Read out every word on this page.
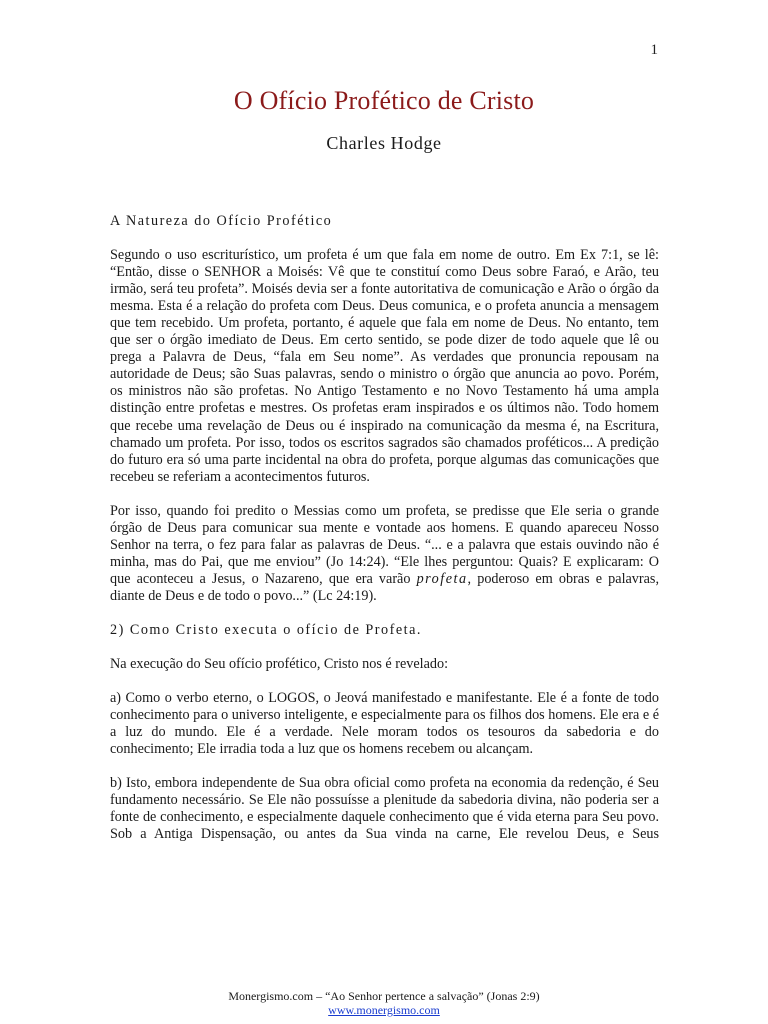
1
O Ofício Profético de Cristo
Charles Hodge

A Natureza do Ofício Profético

Segundo o uso escriturístico, um profeta é um que fala em nome de outro. Em Ex 7:1, se lê: “Então, disse o SENHOR a Moisés: Vê que te constituí como Deus sobre Faraó, e Arão, teu irmão, será teu profeta”. Moisés devia ser a fonte autoritativa de comunicação e Arão o órgão da mesma. Esta é a relação do profeta com Deus. Deus comunica, e o profeta anuncia a mensagem que tem recebido. Um profeta, portanto, é aquele que fala em nome de Deus. No entanto, tem que ser o órgão imediato de Deus. Em certo sentido, se pode dizer de todo aquele que lê ou prega a Palavra de Deus, “fala em Seu nome”. As verdades que pronuncia repousam na autoridade de Deus; são Suas palavras, sendo o ministro o órgão que anuncia ao povo. Porém, os ministros não são profetas. No Antigo Testamento e no Novo Testamento há uma ampla distinção entre profetas e mestres. Os profetas eram inspirados e os últimos não. Todo homem que recebe uma revelação de Deus ou é inspirado na comunicação da mesma é, na Escritura, chamado um profeta. Por isso, todos os escritos sagrados são chamados proféticos... A predição do futuro era só uma parte incidental na obra do profeta, porque algumas das comunicações que recebeu se referiam a acontecimentos futuros.

Por isso, quando foi predito o Messias como um profeta, se predisse que Ele seria o grande órgão de Deus para comunicar sua mente e vontade aos homens. E quando apareceu Nosso Senhor na terra, o fez para falar as palavras de Deus. “... e a palavra que estais ouvindo não é minha, mas do Pai, que me enviou” (Jo 14:24). “Ele lhes perguntou: Quais? E explicaram: O que aconteceu a Jesus, o Nazareno, que era varão profeta, poderoso em obras e palavras, diante de Deus e de todo o povo...” (Lc 24:19).

2) Como Cristo executa o ofício de Profeta.

Na execução do Seu ofício profético, Cristo nos é revelado:

a) Como o verbo eterno, o LOGOS, o Jeová manifestado e manifestante. Ele é a fonte de todo conhecimento para o universo inteligente, e especialmente para os filhos dos homens. Ele era e é a luz do mundo. Ele é a verdade. Nele moram todos os tesouros da sabedoria e do conhecimento; Ele irradia toda a luz que os homens recebem ou alcançam.

b) Isto, embora independente de Sua obra oficial como profeta na economia da redenção, é Seu fundamento necessário. Se Ele não possuísse a plenitude da sabedoria divina, não poderia ser a fonte de conhecimento, e especialmente daquele conhecimento que é vida eterna para Seu povo. Sob a Antiga Dispensação, ou antes da Sua vinda na carne, Ele revelou Deus, e Seus

Monergismo.com – “Ao Senhor pertence a salvação” (Jonas 2:9)
www.monergismo.com
